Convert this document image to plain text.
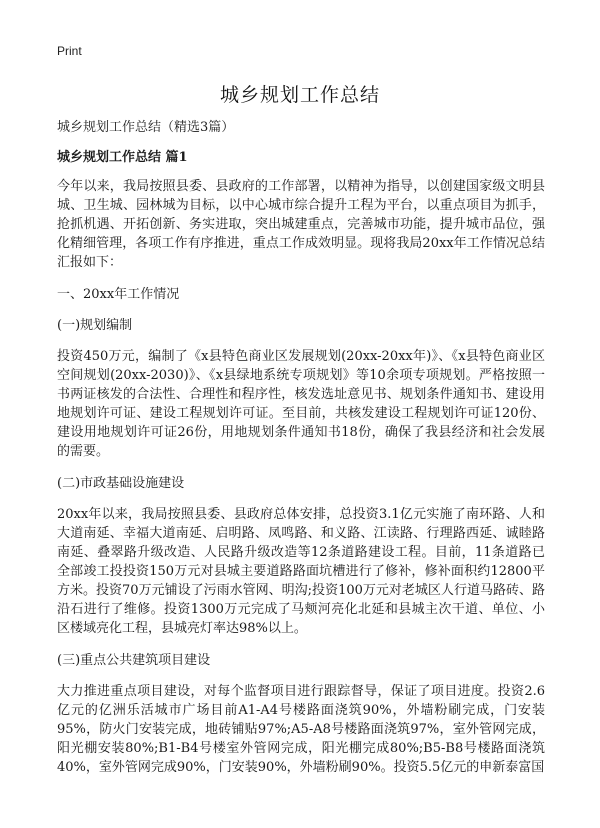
Print
城乡规划工作总结

城乡规划工作总结（精选3篇）

城乡规划工作总结 篇1

今年以来，我局按照县委、县政府的工作部署，以精神为指导，以创建国家级文明县城、卫生城、园林城为目标，以中心城市综合提升工程为平台，以重点项目为抓手，抢抓机遇、开拓创新、务实进取，突出城建重点，完善城市功能，提升城市品位，强化精细管理，各项工作有序推进，重点工作成效明显。现将我局20xx年工作情况总结汇报如下：

一、20xx年工作情况

(一)规划编制

投资450万元，编制了《x县特色商业区发展规划(20xx-20xx年)》、《x县特色商业区空间规划(20xx-2030)》、《x县绿地系统专项规划》等10余项专项规划。严格按照一书两证核发的合法性、合理性和程序性，核发选址意见书、规划条件通知书、建设用地规划许可证、建设工程规划许可证。至目前，共核发建设工程规划许可证120份、建设用地规划许可证26份，用地规划条件通知书18份，确保了我县经济和社会发展的需要。

(二)市政基础设施建设

20xx年以来，我局按照县委、县政府总体安排，总投资3.1亿元实施了南环路、人和大道南延、幸福大道南延、启明路、凤鸣路、和义路、江读路、行理路西延、诚睦路南延、叠翠路升级改造、人民路升级改造等12条道路建设工程。目前，11条道路已全部竣工投投资150万元对县城主要道路路面坑槽进行了修补，修补面积约12800平方米。投资70万元铺设了污雨水管网、明沟;投资100万元对老城区人行道马路砖、路沿石进行了维修。投资1300万元完成了马颊河亮化北延和县城主次干道、单位、小区楼域亮化工程，县城亮灯率达98%以上。

(三)重点公共建筑项目建设

大力推进重点项目建设，对每个监督项目进行跟踪督导，保证了项目进度。投资2.6亿元的亿洲乐活城市广场目前A1-A4号楼路面浇筑90%，外墙粉刷完成，门安装95%，防火门安装完成，地砖铺贴97%;A5-A8号楼路面浇筑97%，室外管网完成，阳光棚安装80%;B1-B4号楼室外管网完成，阳光棚完成80%;B5-B8号楼路面浇筑40%，室外管网完成90%，门安装90%，外墙粉刷90%。投资5.5亿元的申新泰富国
